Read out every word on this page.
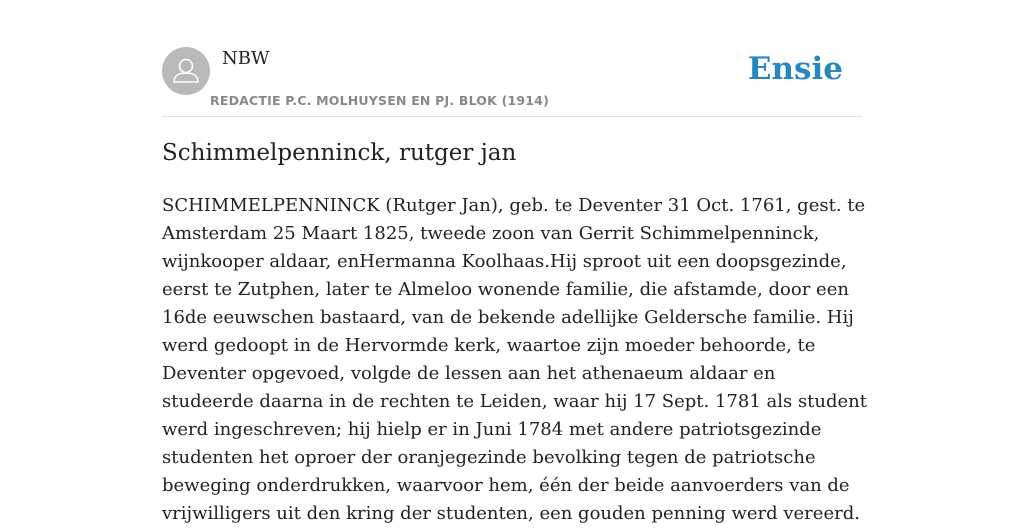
NBW
REDACTIE P.C. MOLHUYSEN EN PJ. BLOK (1914)
Ensie
Schimmelpenninck, rutger jan

SCHIMMELPENNINCK (Rutger Jan), geb. te Deventer 31 Oct. 1761, gest. te Amsterdam 25 Maart 1825, tweede zoon van Gerrit Schimmelpenninck, wijnkooper aldaar, enHermanna Koolhaas.Hij sproot uit een doopsgezinde, eerst te Zutphen, later te Almeloo wonende familie, die afstamde, door een 16de eeuwschen bastaard, van de bekende adellijke Geldersche familie. Hij werd gedoopt in de Hervormde kerk, waartoe zijn moeder behoorde, te Deventer opgevoed, volgde de lessen aan het athenaeum aldaar en studeerde daarna in de rechten te Leiden, waar hij 17 Sept. 1781 als student werd ingeschreven; hij hielp er in Juni 1784 met andere patriotsgezinde studenten het oproer der oranjegezinde bevolking tegen de patriotsche beweging onderdrukken, waarvoor hem, één der beide aanvoerders van de vrijwilligers uit den kring der studenten, een gouden penning werd vereerd.
